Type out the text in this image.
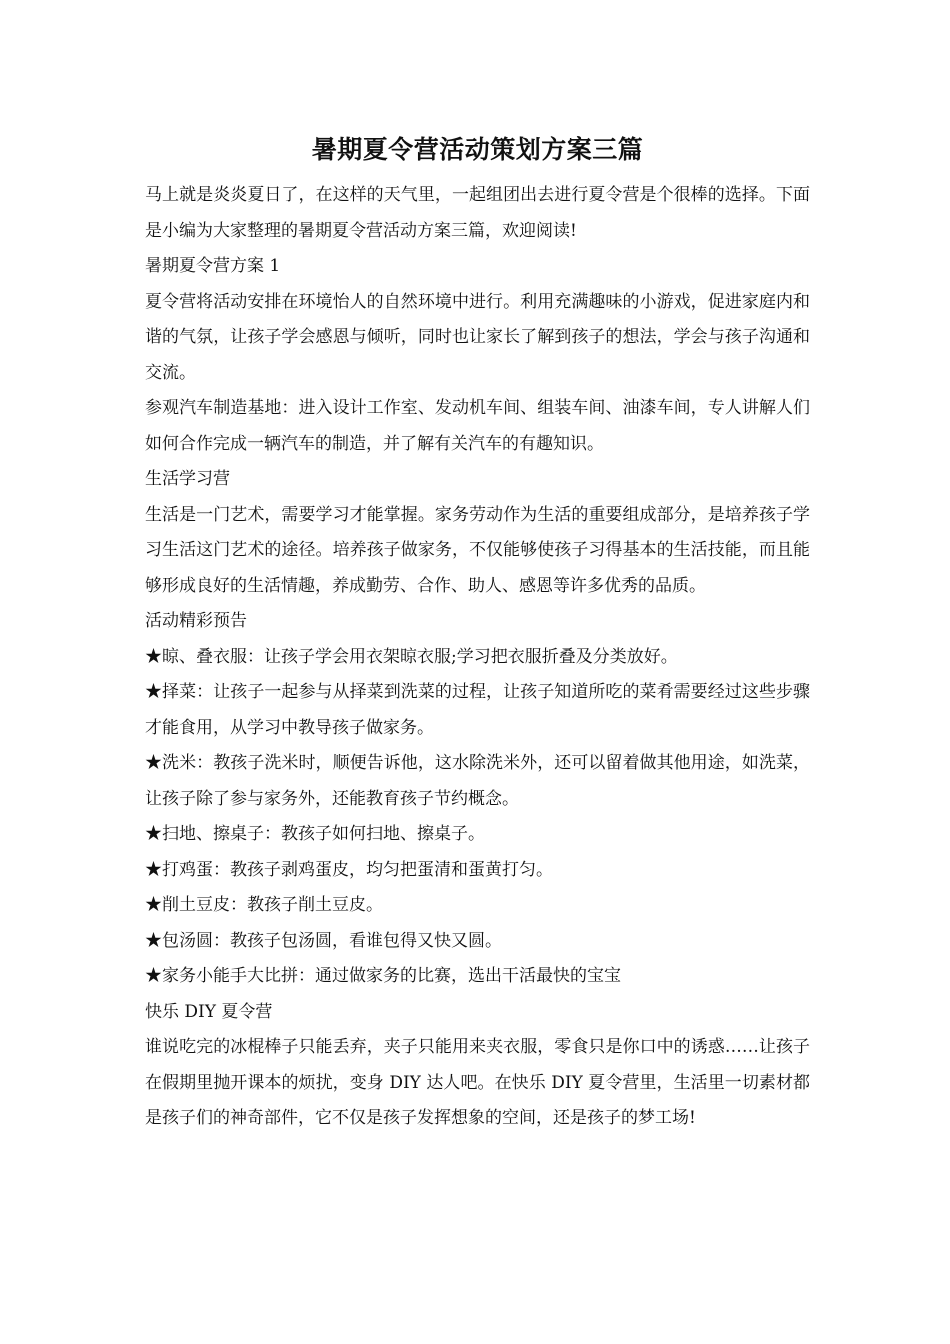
暑期夏令营活动策划方案三篇

马上就是炎炎夏日了，在这样的天气里，一起组团出去进行夏令营是个很棒的选择。下面是小编为大家整理的暑期夏令营活动方案三篇，欢迎阅读!

暑期夏令营方案 1

夏令营将活动安排在环境怡人的自然环境中进行。利用充满趣味的小游戏，促进家庭内和谐的气氛，让孩子学会感恩与倾听，同时也让家长了解到孩子的想法，学会与孩子沟通和交流。

参观汽车制造基地：进入设计工作室、发动机车间、组装车间、油漆车间，专人讲解人们如何合作完成一辆汽车的制造，并了解有关汽车的有趣知识。

生活学习营

生活是一门艺术，需要学习才能掌握。家务劳动作为生活的重要组成部分，是培养孩子学习生活这门艺术的途径。培养孩子做家务，不仅能够使孩子习得基本的生活技能，而且能够形成良好的生活情趣，养成勤劳、合作、助人、感恩等许多优秀的品质。

活动精彩预告

★晾、叠衣服：让孩子学会用衣架晾衣服;学习把衣服折叠及分类放好。

★择菜：让孩子一起参与从择菜到洗菜的过程，让孩子知道所吃的菜肴需要经过这些步骤才能食用，从学习中教导孩子做家务。

★洗米：教孩子洗米时，顺便告诉他，这水除洗米外，还可以留着做其他用途，如洗菜，让孩子除了参与家务外，还能教育孩子节约概念。

★扫地、擦桌子：教孩子如何扫地、擦桌子。

★打鸡蛋：教孩子剥鸡蛋皮，均匀把蛋清和蛋黄打匀。

★削土豆皮：教孩子削土豆皮。

★包汤圆：教孩子包汤圆，看谁包得又快又圆。

★家务小能手大比拼：通过做家务的比赛，选出干活最快的宝宝

快乐 DIY 夏令营

谁说吃完的冰棍棒子只能丢弃，夹子只能用来夹衣服，零食只是你口中的诱惑……让孩子在假期里抛开课本的烦扰，变身 DIY 达人吧。在快乐 DIY 夏令营里，生活里一切素材都是孩子们的神奇部件，它不仅是孩子发挥想象的空间，还是孩子的梦工场!
